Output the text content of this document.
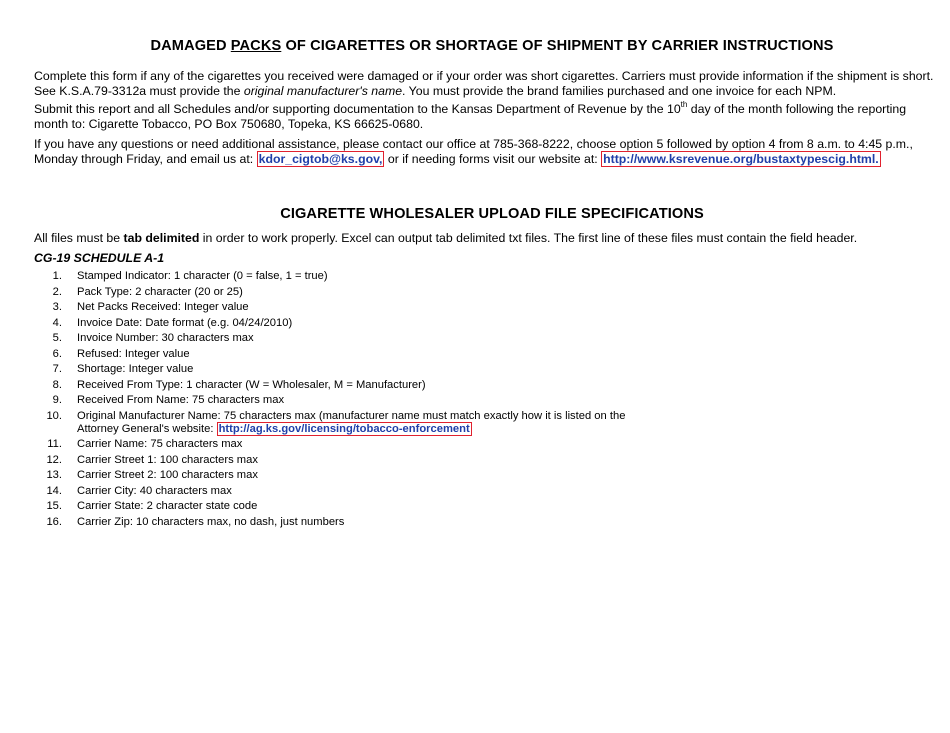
DAMAGED PACKS OF CIGARETTES OR SHORTAGE OF SHIPMENT BY CARRIER INSTRUCTIONS
Complete this form if any of the cigarettes you received were damaged or if your order was short cigarettes. Carriers must provide information if the shipment is short. See K.S.A.79-3312a must provide the original manufacturer's name. You must provide the brand families purchased and one invoice for each NPM.
Submit this report and all Schedules and/or supporting documentation to the Kansas Department of Revenue by the 10th day of the month following the reporting month to: Cigarette Tobacco, PO Box 750680, Topeka, KS 66625-0680.
If you have any questions or need additional assistance, please contact our office at 785-368-8222, choose option 5 followed by option 4 from 8 a.m. to 4:45 p.m., Monday through Friday, and email us at: kdor_cigtob@ks.gov, or if needing forms visit our website at: http://www.ksrevenue.org/bustaxtypescig.html.
CIGARETTE WHOLESALER UPLOAD FILE SPECIFICATIONS
All files must be tab delimited in order to work properly. Excel can output tab delimited txt files. The first line of these files must contain the field header.
CG-19 SCHEDULE A-1
1. Stamped Indicator: 1 character (0 = false, 1 = true)
2. Pack Type: 2 character (20 or 25)
3. Net Packs Received: Integer value
4. Invoice Date: Date format (e.g. 04/24/2010)
5. Invoice Number: 30 characters max
6. Refused: Integer value
7. Shortage: Integer value
8. Received From Type: 1 character (W = Wholesaler, M = Manufacturer)
9. Received From Name: 75 characters max
10. Original Manufacturer Name: 75 characters max (manufacturer name must match exactly how it is listed on the Attorney General's website: http://ag.ks.gov/licensing/tobacco-enforcement
11. Carrier Name: 75 characters max
12. Carrier Street 1: 100 characters max
13. Carrier Street 2: 100 characters max
14. Carrier City: 40 characters max
15. Carrier State: 2 character state code
16. Carrier Zip: 10 characters max, no dash, just numbers
